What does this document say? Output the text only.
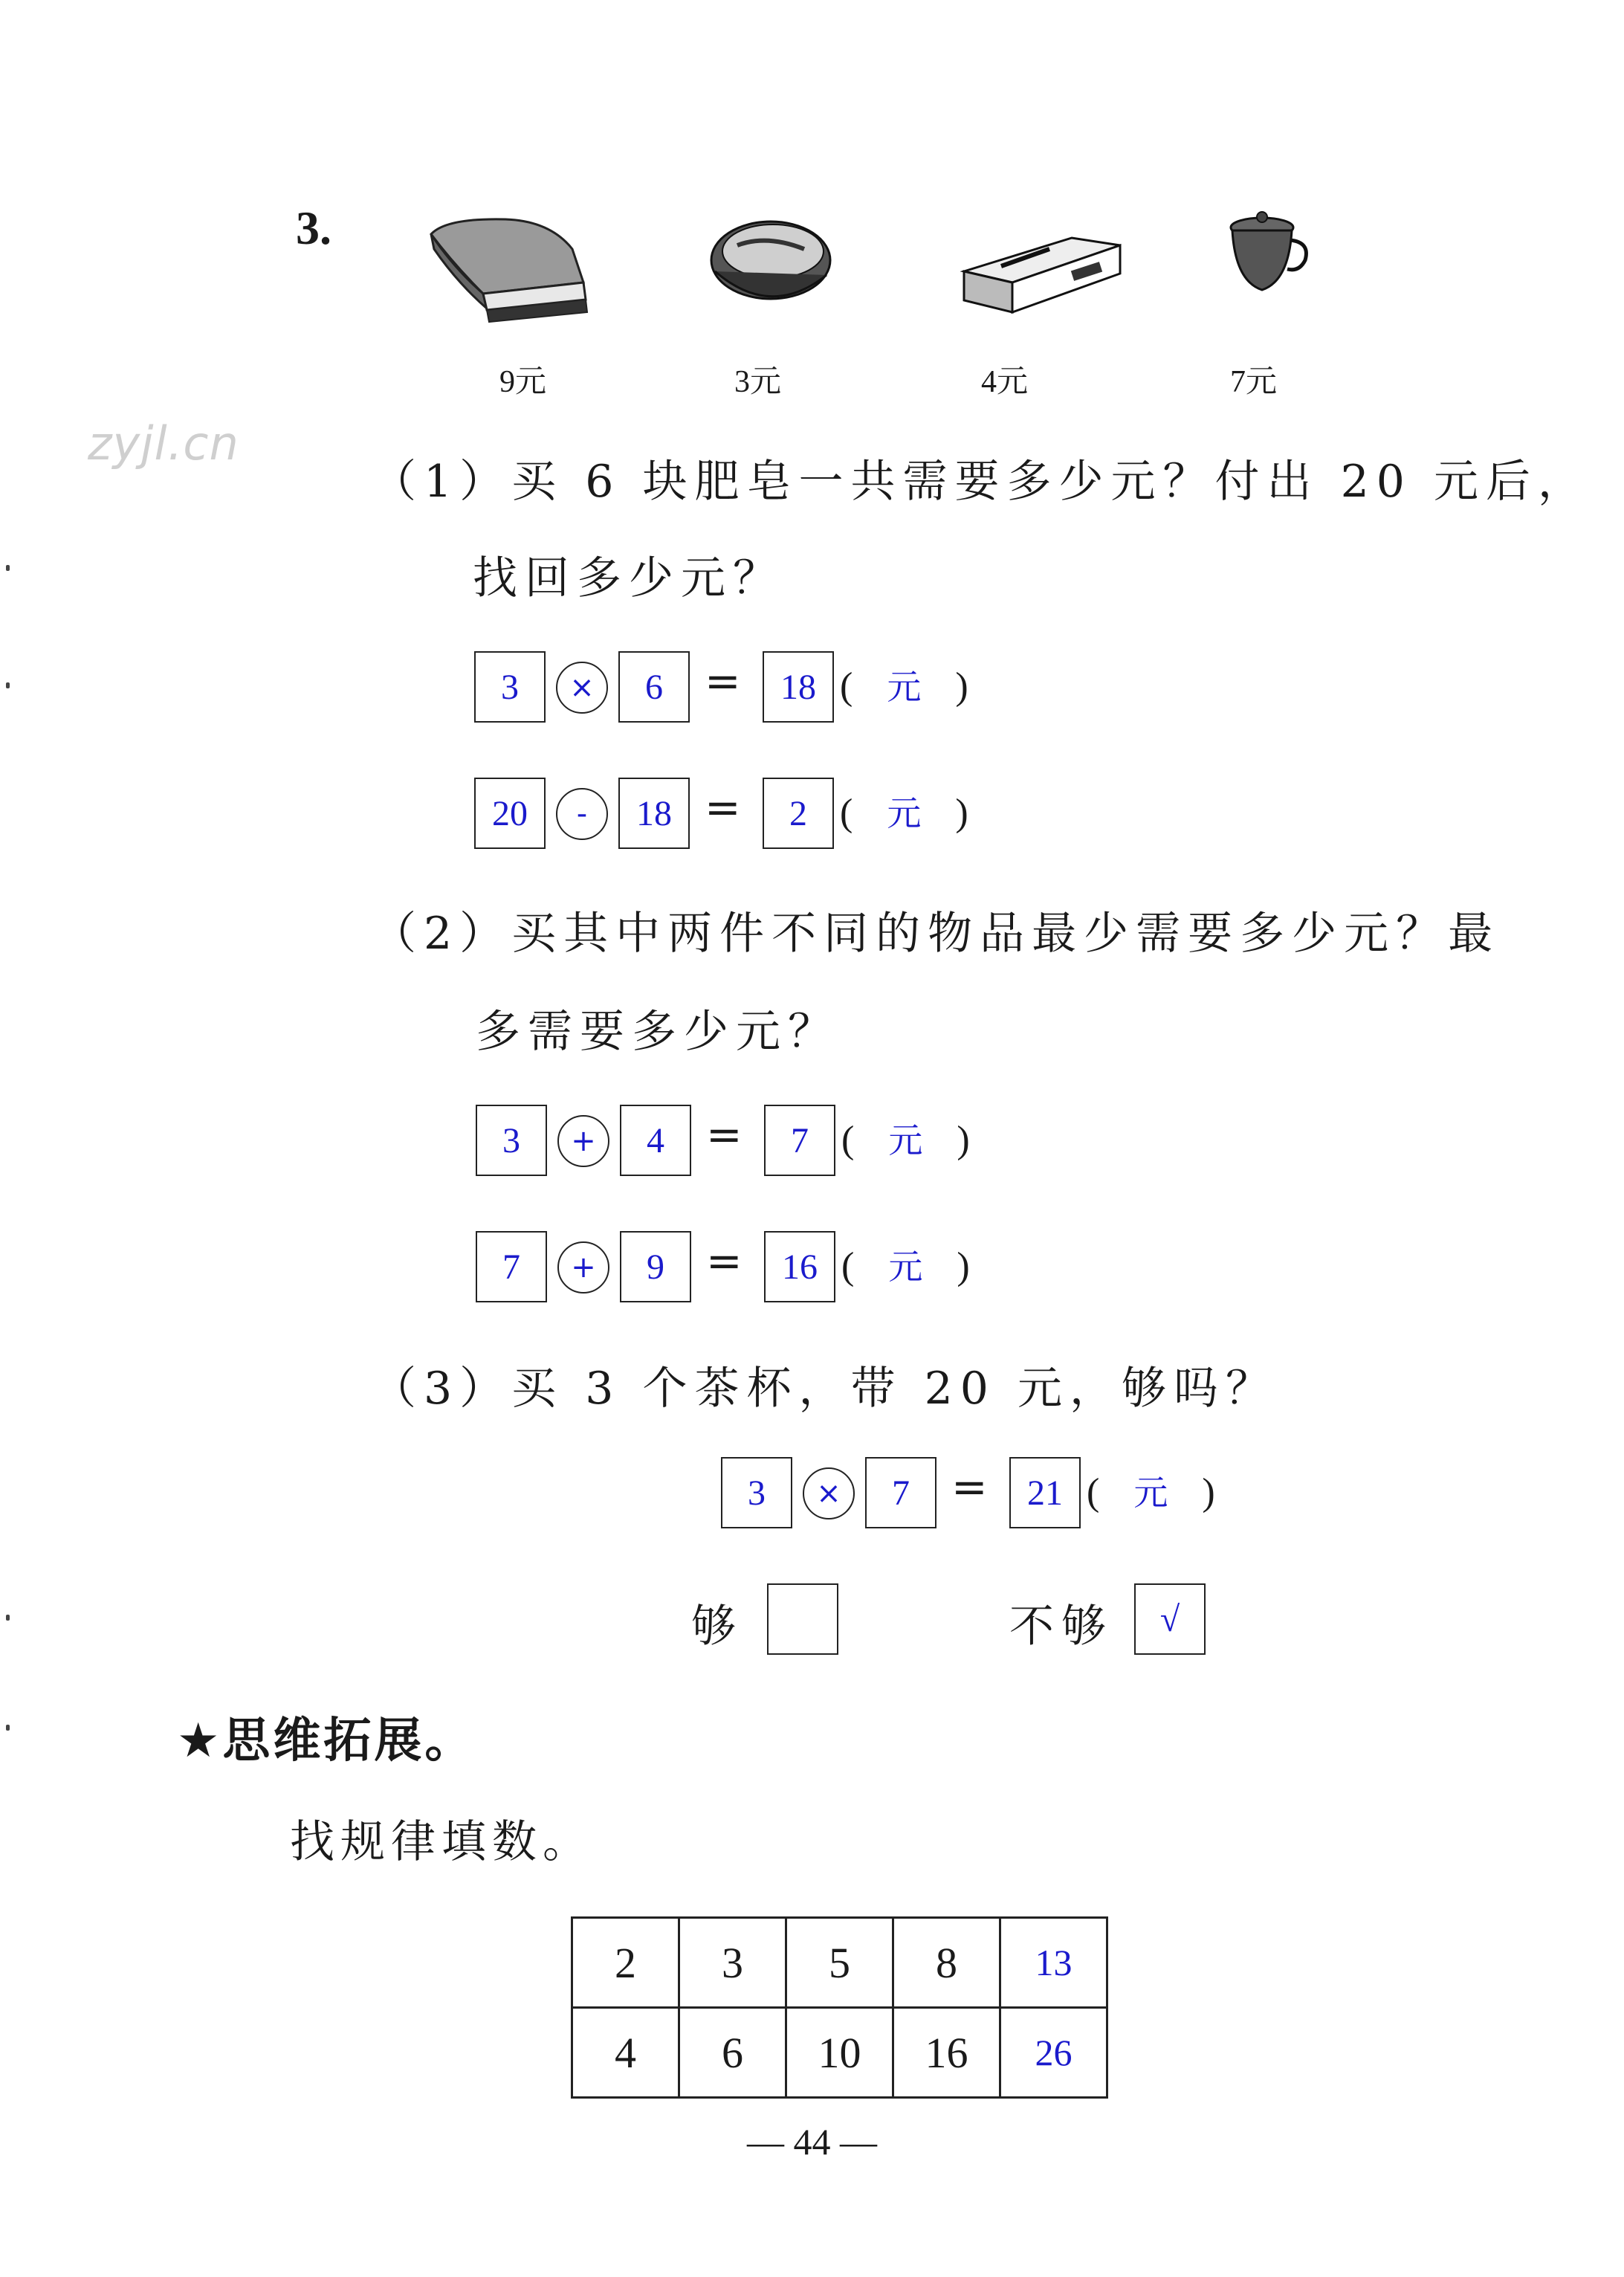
zyjl.cn
3.
9元	3元	4元	7元
（1）买 6 块肥皂一共需要多少元？付出 20 元后，
找回多少元？
3	×	6 =	18 ( 元 )
20	-	18 =	2 ( 元 )
（2）买其中两件不同的物品最少需要多少元？最
多需要多少元？
3	+	4 =	7 ( 元 )
7	+	9 =	16 ( 元 )
（3）买 3 个茶杯，带 20 元，够吗？
3	×	7 =	21 ( 元 )
够	不够	√
★思维拓展。
找规律填数。
2	3	5	8	13
4	6	10	16	26
— 44 —
